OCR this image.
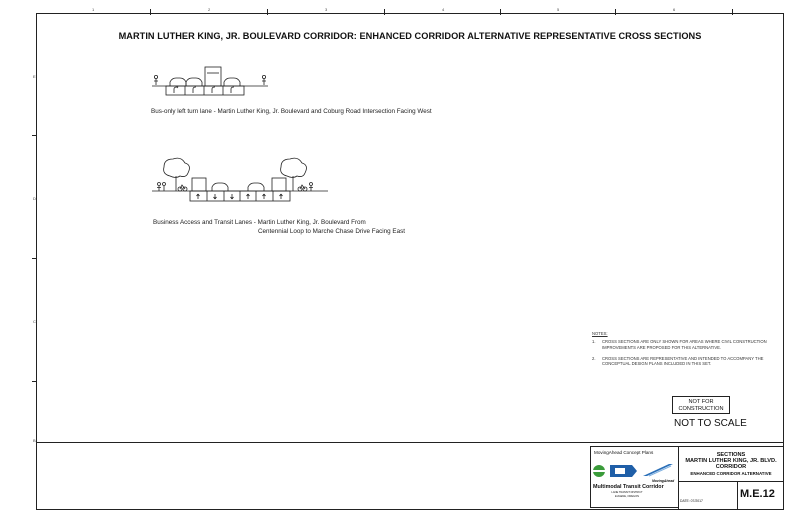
1	2	3	4	5	6
E
D
C
B
MARTIN LUTHER KING, JR. BOULEVARD CORRIDOR: ENHANCED CORRIDOR ALTERNATIVE REPRESENTATIVE CROSS SECTIONS
Bus-only left turn lane - Martin Luther King, Jr. Boulevard and Coburg Road Intersection Facing West
Business Access and Transit Lanes - Martin Luther King, Jr. Boulevard From
Centennial Loop to Marche Chase Drive Facing East
NOTES:
1.	CROSS SECTIONS ARE ONLY SHOWN FOR AREAS WHERE CIVIL CONSTRUCTION IMPROVEMENTS ARE PROPOSED FOR THIS ALTERNATIVE.
2.	CROSS SECTIONS ARE REPRESENTATIVE AND INTENDED TO ACCOMPANY THE CONCEPTUAL DESIGN PLANS INCLUDED IN THIS SET.
NOT FOR
CONSTRUCTION
NOT TO SCALE
MovingAhead Concept Plans
MovingAhead
Multimodal Transit Corridor
LANE TRANSIT DISTRICT
EUGENE, OREGON
SECTIONS
MARTIN LUTHER KING, JR. BLVD.
CORRIDOR
ENHANCED CORRIDOR ALTERNATIVE
DATE: 07/2017
M.E.12
